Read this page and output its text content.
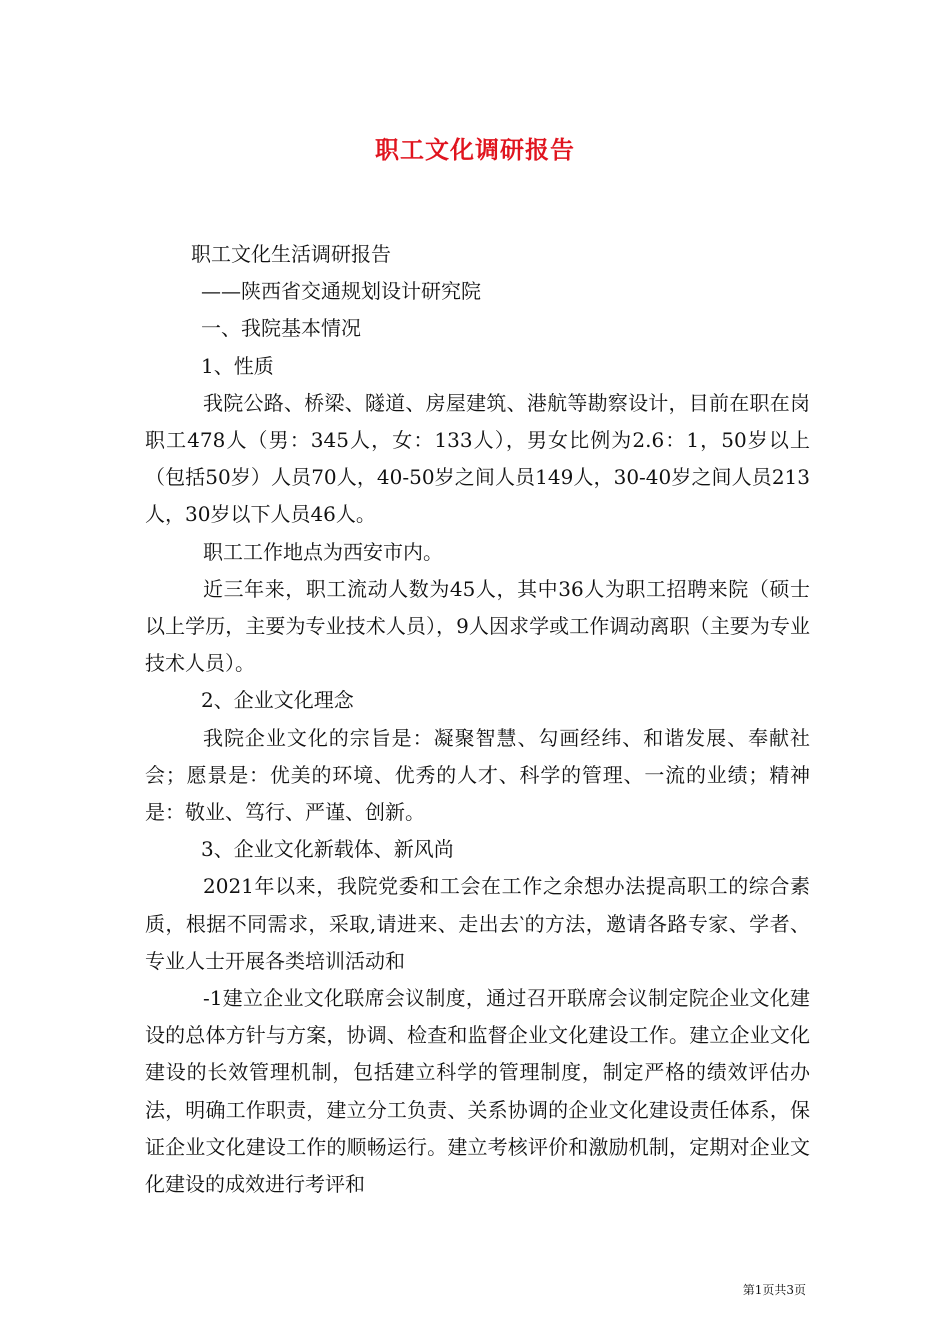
职工文化调研报告

职工文化生活调研报告

——陕西省交通规划设计研究院

一、我院基本情况

1、性质

我院公路、桥梁、隧道、房屋建筑、港航等勘察设计，目前在职在岗职工478人（男：345人，女：133人），男女比例为2.6：1，50岁以上（包括50岁）人员70人，40-50岁之间人员149人，30-40岁之间人员213人，30岁以下人员46人。

职工工作地点为西安市内。

近三年来，职工流动人数为45人，其中36人为职工招聘来院（硕士以上学历，主要为专业技术人员），9人因求学或工作调动离职（主要为专业技术人员）。

2、企业文化理念

我院企业文化的宗旨是：凝聚智慧、勾画经纬、和谐发展、奉献社会；愿景是：优美的环境、优秀的人才、科学的管理、一流的业绩；精神是：敬业、笃行、严谨、创新。

3、企业文化新载体、新风尚

2021年以来，我院党委和工会在工作之余想办法提高职工的综合素质，根据不同需求，采取,请进来、走出去‵的方法，邀请各路专家、学者、专业人士开展各类培训活动和

-1建立企业文化联席会议制度，通过召开联席会议制定院企业文化建设的总体方针与方案，协调、检查和监督企业文化建设工作。建立企业文化建设的长效管理机制，包括建立科学的管理制度，制定严格的绩效评估办法，明确工作职责，建立分工负责、关系协调的企业文化建设责任体系，保证企业文化建设工作的顺畅运行。建立考核评价和激励机制，定期对企业文化建设的成效进行考评和

第1页共3页
